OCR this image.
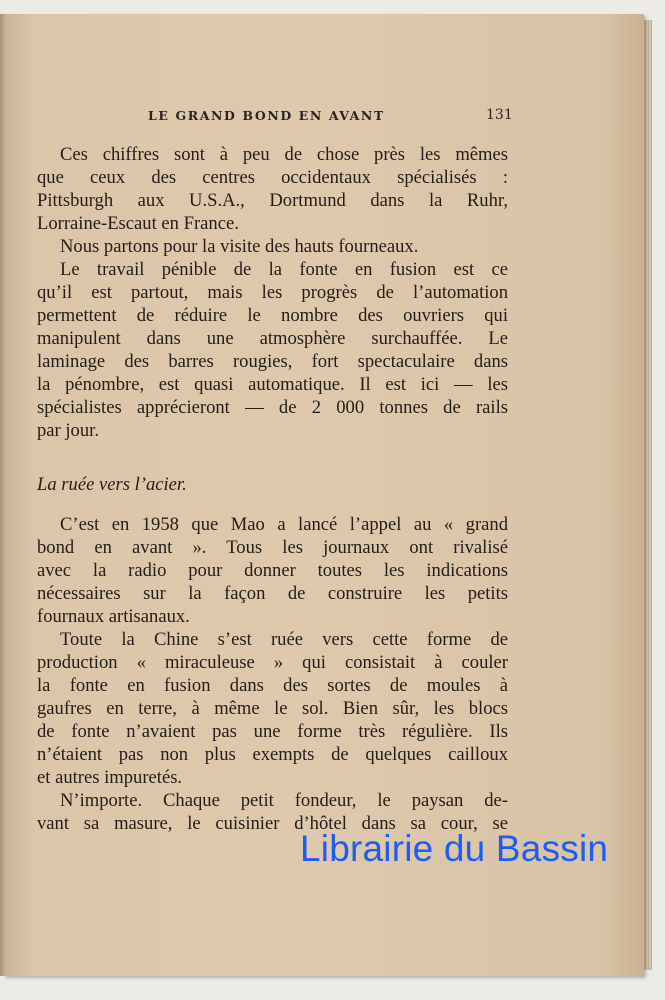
LE GRAND BOND EN AVANT	131
Ces chiffres sont à peu de chose près les mêmes
que ceux des centres occidentaux spécialisés :
Pittsburgh aux U.S.A., Dortmund dans la Ruhr,
Lorraine-Escaut en France.
Nous partons pour la visite des hauts fourneaux.
Le travail pénible de la fonte en fusion est ce
qu’il est partout, mais les progrès de l’automation
permettent de réduire le nombre des ouvriers qui
manipulent dans une atmosphère surchauffée. Le
laminage des barres rougies, fort spectaculaire dans
la pénombre, est quasi automatique. Il est ici — les
spécialistes apprécieront — de 2 000 tonnes de rails
par jour.
La ruée vers l’acier.
C’est en 1958 que Mao a lancé l’appel au « grand
bond en avant ». Tous les journaux ont rivalisé
avec la radio pour donner toutes les indications
nécessaires sur la façon de construire les petits
fournaux artisanaux.
Toute la Chine s’est ruée vers cette forme de
production « miraculeuse » qui consistait à couler
la fonte en fusion dans des sortes de moules à
gaufres en terre, à même le sol. Bien sûr, les blocs
de fonte n’avaient pas une forme très régulière. Ils
n’étaient pas non plus exempts de quelques cailloux
et autres impuretés.
N’importe. Chaque petit fondeur, le paysan de-
vant sa masure, le cuisinier d’hôtel dans sa cour, se
Librairie du Bassin
